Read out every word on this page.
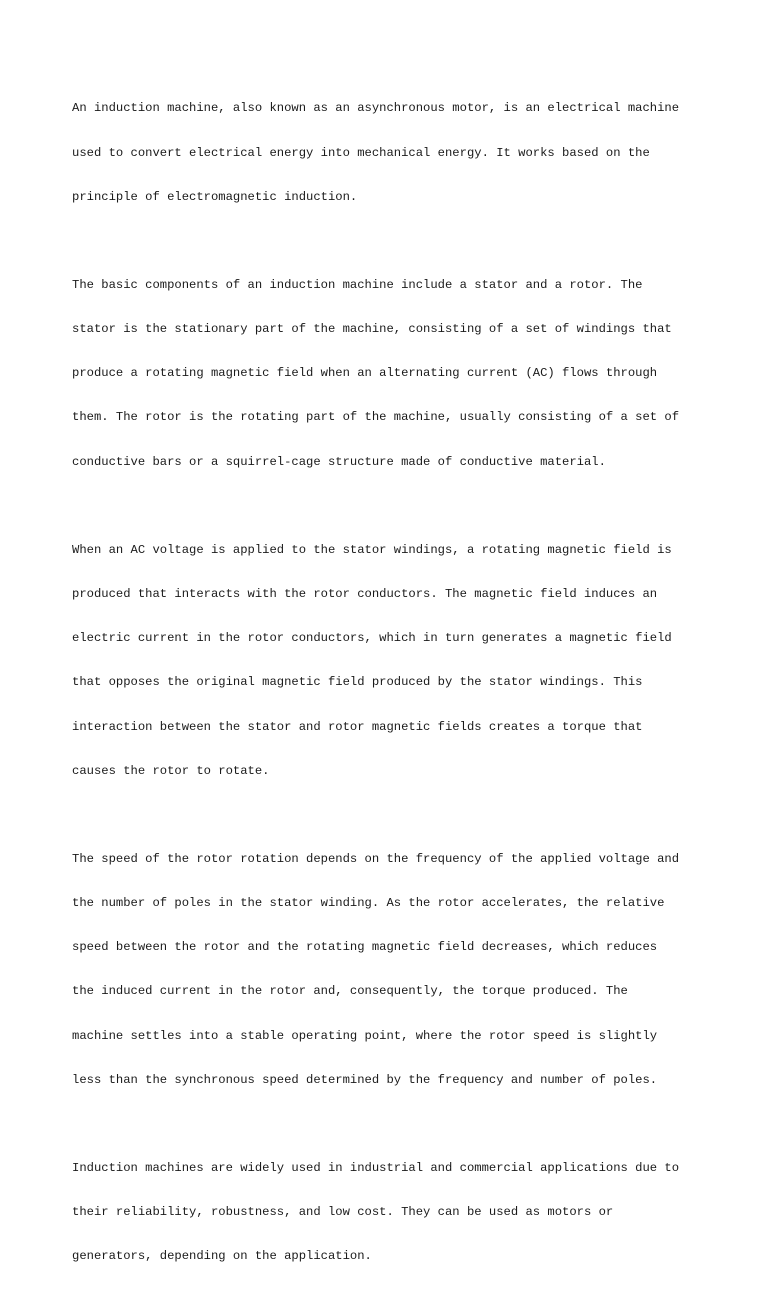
An induction machine, also known as an asynchronous motor, is an electrical machine

used to convert electrical energy into mechanical energy. It works based on the

principle of electromagnetic induction.

The basic components of an induction machine include a stator and a rotor. The

stator is the stationary part of the machine, consisting of a set of windings that

produce a rotating magnetic field when an alternating current (AC) flows through

them. The rotor is the rotating part of the machine, usually consisting of a set of

conductive bars or a squirrel-cage structure made of conductive material.

When an AC voltage is applied to the stator windings, a rotating magnetic field is

produced that interacts with the rotor conductors. The magnetic field induces an

electric current in the rotor conductors, which in turn generates a magnetic field

that opposes the original magnetic field produced by the stator windings. This

interaction between the stator and rotor magnetic fields creates a torque that

causes the rotor to rotate.

The speed of the rotor rotation depends on the frequency of the applied voltage and

the number of poles in the stator winding. As the rotor accelerates, the relative

speed between the rotor and the rotating magnetic field decreases, which reduces

the induced current in the rotor and, consequently, the torque produced. The

machine settles into a stable operating point, where the rotor speed is slightly

less than the synchronous speed determined by the frequency and number of poles.

Induction machines are widely used in industrial and commercial applications due to

their reliability, robustness, and low cost. They can be used as motors or

generators, depending on the application.
